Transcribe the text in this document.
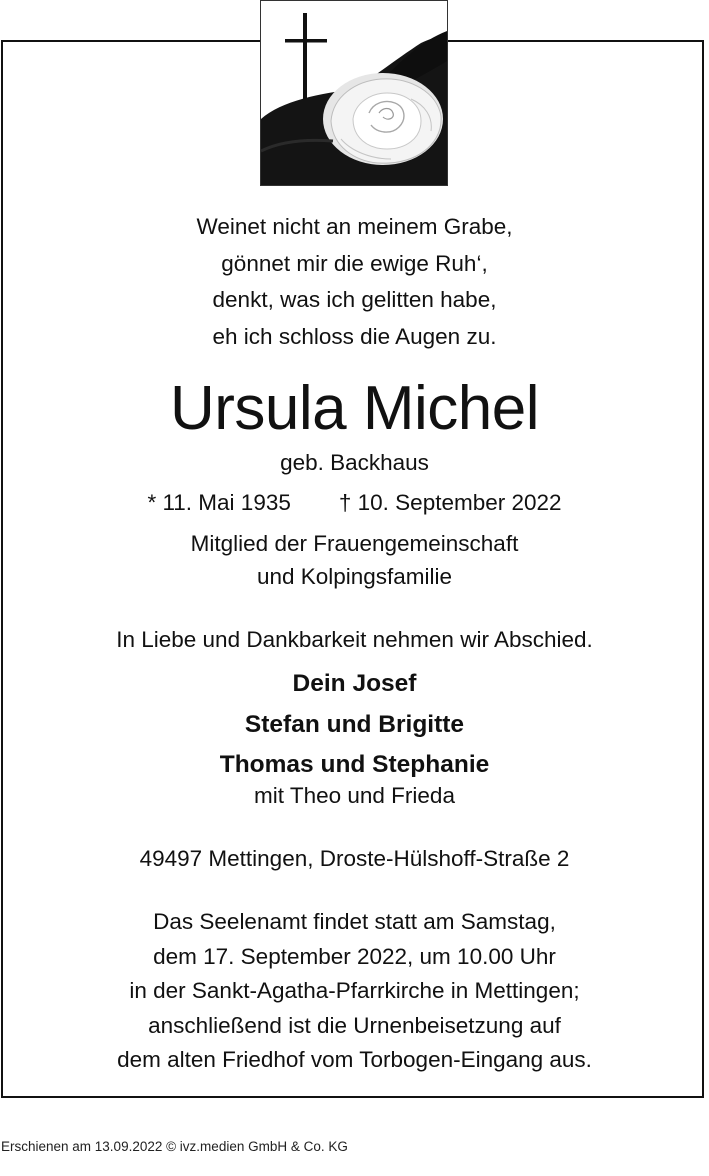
Weinet nicht an meinem Grabe,
gönnet mir die ewige Ruh‘,
denkt, was ich gelitten habe,
eh ich schloss die Augen zu.
Ursula Michel
geb. Backhaus
* 11. Mai 1935 † 10. September 2022
Mitglied der Frauengemeinschaft
und Kolpingsfamilie
In Liebe und Dankbarkeit nehmen wir Abschied.
Dein Josef
Stefan und Brigitte
Thomas und Stephanie
mit Theo und Frieda
49497 Mettingen, Droste-Hülshoff-Straße 2
Das Seelenamt findet statt am Samstag,
dem 17. September 2022, um 10.00 Uhr
in der Sankt-Agatha-Pfarrkirche in Mettingen;
anschließend ist die Urnenbeisetzung auf
dem alten Friedhof vom Torbogen-Eingang aus.
Erschienen am 13.09.2022 © ivz.medien GmbH & Co. KG
